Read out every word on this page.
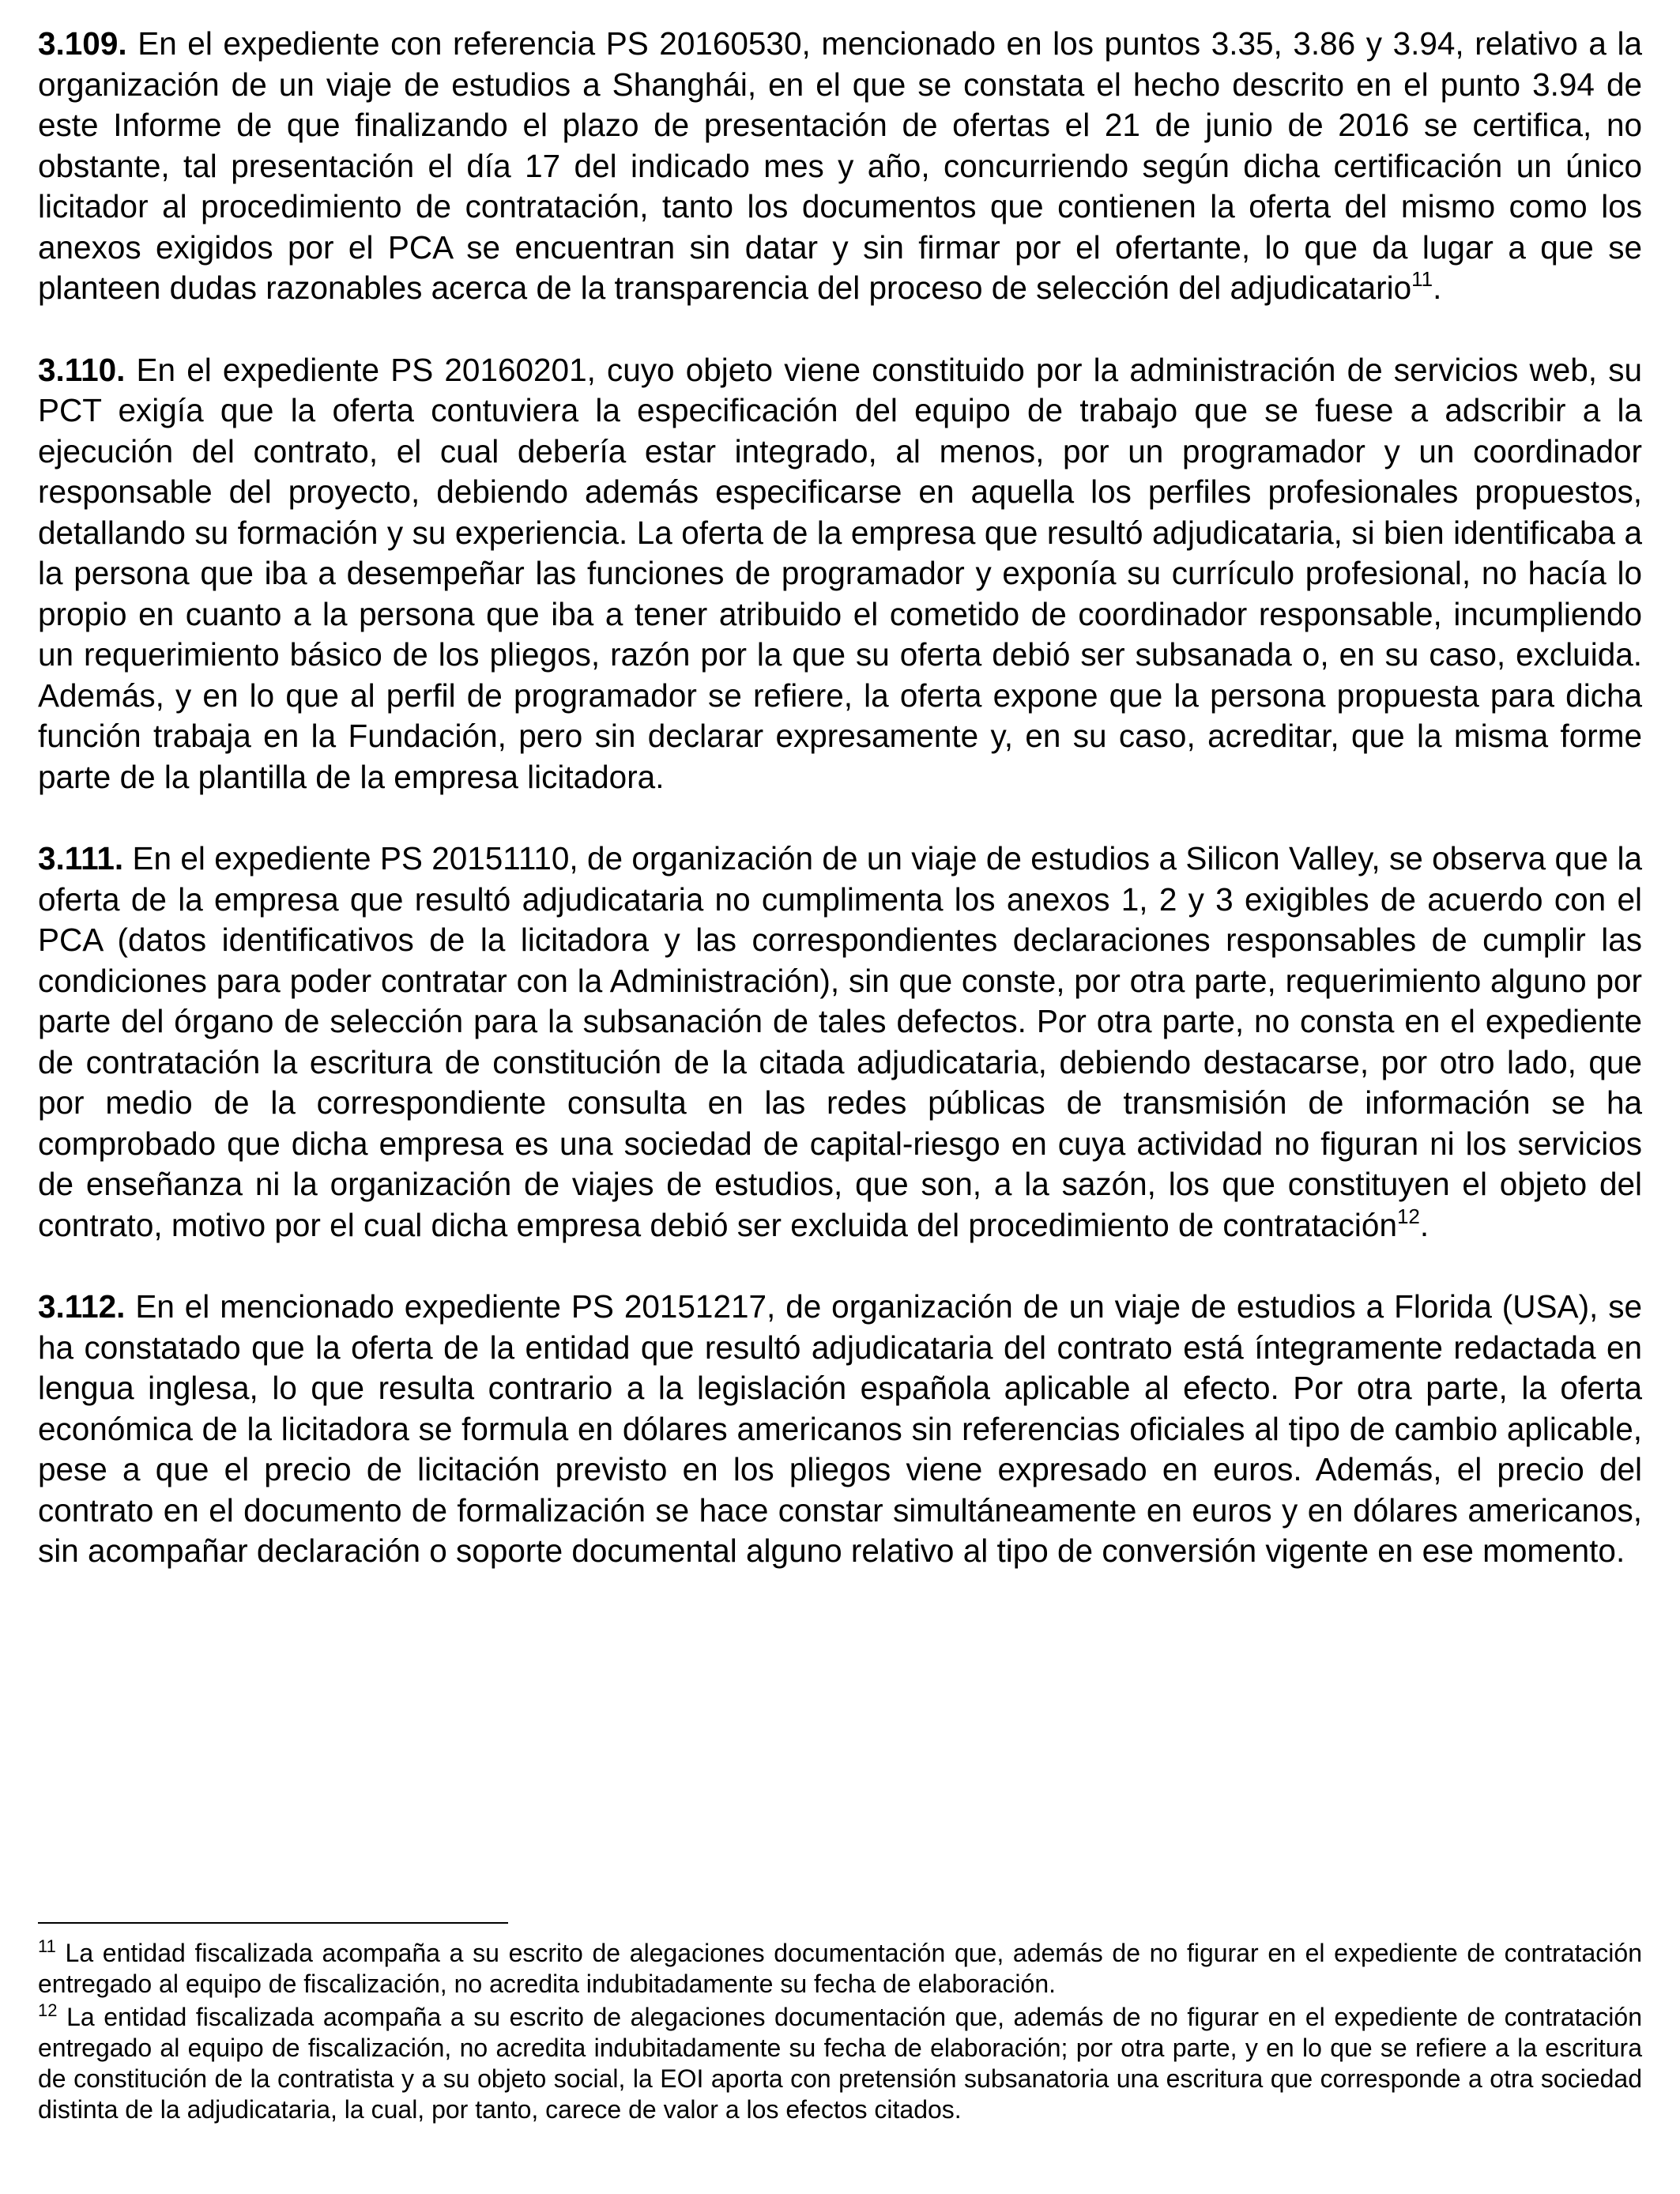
3.109. En el expediente con referencia PS 20160530, mencionado en los puntos 3.35, 3.86 y 3.94, relativo a la organización de un viaje de estudios a Shanghái, en el que se constata el hecho descrito en el punto 3.94 de este Informe de que finalizando el plazo de presentación de ofertas el 21 de junio de 2016 se certifica, no obstante, tal presentación el día 17 del indicado mes y año, concurriendo según dicha certificación un único licitador al procedimiento de contratación, tanto los documentos que contienen la oferta del mismo como los anexos exigidos por el PCA se encuentran sin datar y sin firmar por el ofertante, lo que da lugar a que se planteen dudas razonables acerca de la transparencia del proceso de selección del adjudicatario$^{11}$.

3.110. En el expediente PS 20160201, cuyo objeto viene constituido por la administración de servicios web, su PCT exigía que la oferta contuviera la especificación del equipo de trabajo que se fuese a adscribir a la ejecución del contrato, el cual debería estar integrado, al menos, por un programador y un coordinador responsable del proyecto, debiendo además especificarse en aquella los perfiles profesionales propuestos, detallando su formación y su experiencia. La oferta de la empresa que resultó adjudicataria, si bien identificaba a la persona que iba a desempeñar las funciones de programador y exponía su currículo profesional, no hacía lo propio en cuanto a la persona que iba a tener atribuido el cometido de coordinador responsable, incumpliendo un requerimiento básico de los pliegos, razón por la que su oferta debió ser subsanada o, en su caso, excluida. Además, y en lo que al perfil de programador se refiere, la oferta expone que la persona propuesta para dicha función trabaja en la Fundación, pero sin declarar expresamente y, en su caso, acreditar, que la misma forme parte de la plantilla de la empresa licitadora.

3.111. En el expediente PS 20151110, de organización de un viaje de estudios a Silicon Valley, se observa que la oferta de la empresa que resultó adjudicataria no cumplimenta los anexos 1, 2 y 3 exigibles de acuerdo con el PCA (datos identificativos de la licitadora y las correspondientes declaraciones responsables de cumplir las condiciones para poder contratar con la Administración), sin que conste, por otra parte, requerimiento alguno por parte del órgano de selección para la subsanación de tales defectos. Por otra parte, no consta en el expediente de contratación la escritura de constitución de la citada adjudicataria, debiendo destacarse, por otro lado, que por medio de la correspondiente consulta en las redes públicas de transmisión de información se ha comprobado que dicha empresa es una sociedad de capital-riesgo en cuya actividad no figuran ni los servicios de enseñanza ni la organización de viajes de estudios, que son, a la sazón, los que constituyen el objeto del contrato, motivo por el cual dicha empresa debió ser excluida del procedimiento de contratación$^{12}$.

3.112. En el mencionado expediente PS 20151217, de organización de un viaje de estudios a Florida (USA), se ha constatado que la oferta de la entidad que resultó adjudicataria del contrato está íntegramente redactada en lengua inglesa, lo que resulta contrario a la legislación española aplicable al efecto. Por otra parte, la oferta económica de la licitadora se formula en dólares americanos sin referencias oficiales al tipo de cambio aplicable, pese a que el precio de licitación previsto en los pliegos viene expresado en euros. Además, el precio del contrato en el documento de formalización se hace constar simultáneamente en euros y en dólares americanos, sin acompañar declaración o soporte documental alguno relativo al tipo de conversión vigente en ese momento.

$^{11}$ La entidad fiscalizada acompaña a su escrito de alegaciones documentación que, además de no figurar en el expediente de contratación entregado al equipo de fiscalización, no acredita indubitadamente su fecha de elaboración.

$^{12}$ La entidad fiscalizada acompaña a su escrito de alegaciones documentación que, además de no figurar en el expediente de contratación entregado al equipo de fiscalización, no acredita indubitadamente su fecha de elaboración; por otra parte, y en lo que se refiere a la escritura de constitución de la contratista y a su objeto social, la EOI aporta con pretensión subsanatoria una escritura que corresponde a otra sociedad distinta de la adjudicataria, la cual, por tanto, carece de valor a los efectos citados.
